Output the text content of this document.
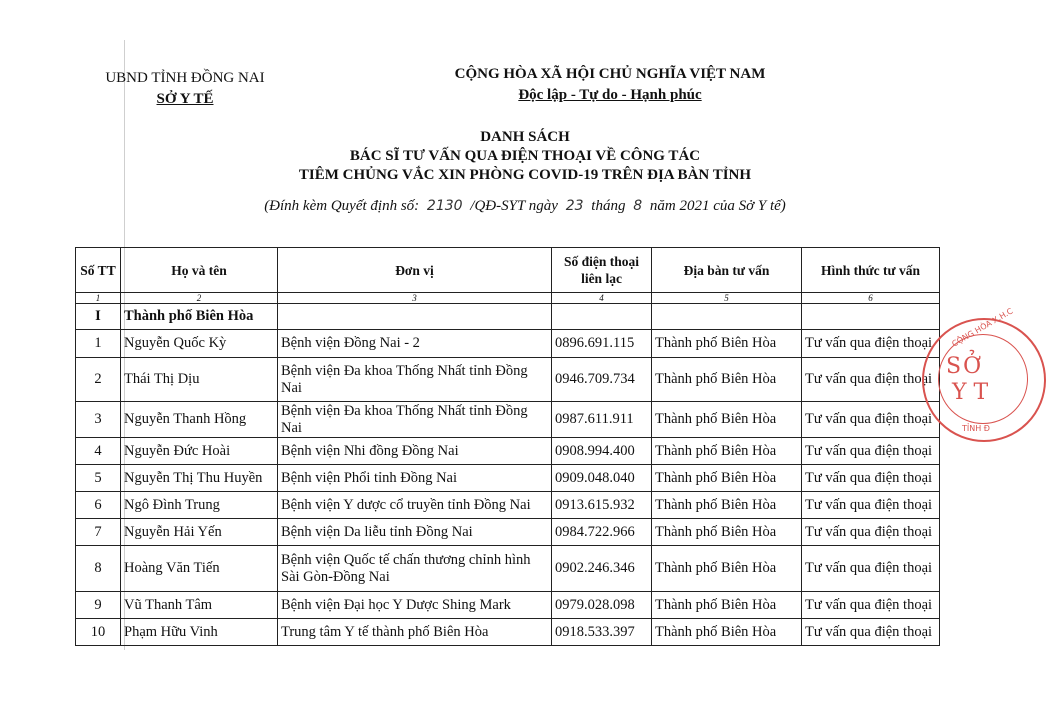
UBND TỈNH ĐỒNG NAI
SỞ Y TẾ
CỘNG HÒA XÃ HỘI CHỦ NGHĨA VIỆT NAM
Độc lập - Tự do - Hạnh phúc
DANH SÁCH
BÁC SĨ TƯ VẤN QUA ĐIỆN THOẠI VỀ CÔNG TÁC
TIÊM CHỦNG VẮC XIN PHÒNG COVID-19 TRÊN ĐỊA BÀN TỈNH
(Đính kèm Quyết định số: 2130 /QĐ-SYT ngày 23 tháng 8 năm 2021 của Sở Y tế)
Số TT	Họ và tên	Đơn vị	Số điện thoại liên lạc	Địa bàn tư vấn	Hình thức tư vấn
1	2	3	4	5	6
I	Thành phố Biên Hòa				
1	Nguyễn Quốc Kỳ	Bệnh viện Đồng Nai - 2	0896.691.115	Thành phố Biên Hòa	Tư vấn qua điện thoại
2	Thái Thị Dịu	Bệnh viện Đa khoa Thống Nhất tỉnh Đồng Nai	0946.709.734	Thành phố Biên Hòa	Tư vấn qua điện thoại
3	Nguyễn Thanh Hồng	Bệnh viện Đa khoa Thống Nhất tỉnh Đồng Nai	0987.611.911	Thành phố Biên Hòa	Tư vấn qua điện thoại
4	Nguyễn Đức Hoài	Bệnh viện Nhi đồng Đồng Nai	0908.994.400	Thành phố Biên Hòa	Tư vấn qua điện thoại
5	Nguyễn Thị Thu Huyền	Bệnh viện Phổi tỉnh Đồng Nai	0909.048.040	Thành phố Biên Hòa	Tư vấn qua điện thoại
6	Ngô Đình Trung	Bệnh viện Y dược cổ truyền tỉnh Đồng Nai	0913.615.932	Thành phố Biên Hòa	Tư vấn qua điện thoại
7	Nguyễn Hải Yến	Bệnh viện Da liễu tỉnh Đồng Nai	0984.722.966	Thành phố Biên Hòa	Tư vấn qua điện thoại
8	Hoàng Văn Tiến	Bệnh viện Quốc tế chấn thương chỉnh hình Sài Gòn-Đồng Nai	0902.246.346	Thành phố Biên Hòa	Tư vấn qua điện thoại
9	Vũ Thanh Tâm	Bệnh viện Đại học Y Dược Shing Mark	0979.028.098	Thành phố Biên Hòa	Tư vấn qua điện thoại
10	Phạm Hữu Vinh	Trung tâm Y tế thành phố Biên Hòa	0918.533.397	Thành phố Biên Hòa	Tư vấn qua điện thoại
CỘNG HÒA X.H.C
SỞ
Y T
TỈNH Đ
